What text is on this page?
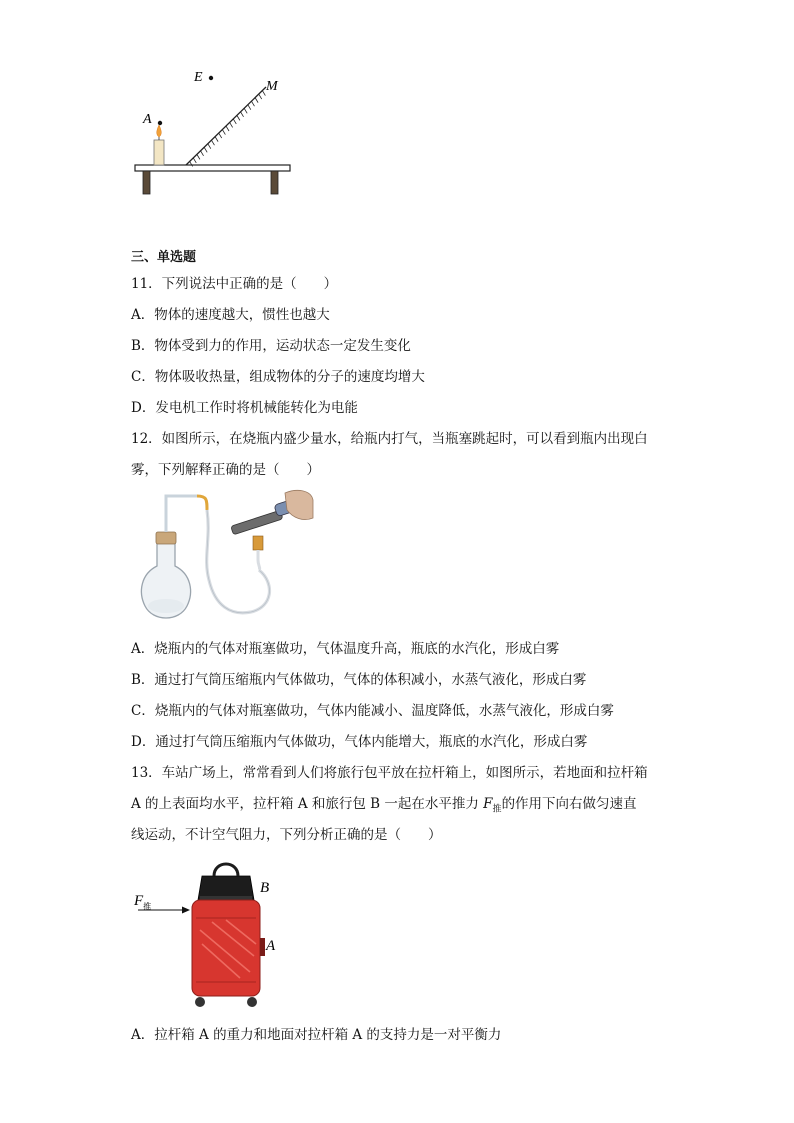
A
E
M
三、单选题
11．下列说法中正确的是（　　）
A．物体的速度越大，惯性也越大
B．物体受到力的作用，运动状态一定发生变化
C．物体吸收热量，组成物体的分子的速度均增大
D．发电机工作时将机械能转化为电能
12．如图所示，在烧瓶内盛少量水，给瓶内打气，当瓶塞跳起时，可以看到瓶内出现白
雾，下列解释正确的是（　　）
A．烧瓶内的气体对瓶塞做功，气体温度升高，瓶底的水汽化，形成白雾
B．通过打气筒压缩瓶内气体做功，气体的体积减小，水蒸气液化，形成白雾
C．烧瓶内的气体对瓶塞做功，气体内能减小、温度降低，水蒸气液化，形成白雾
D．通过打气筒压缩瓶内气体做功，气体内能增大，瓶底的水汽化，形成白雾
13．车站广场上，常常看到人们将旅行包平放在拉杆箱上，如图所示，若地面和拉杆箱
A 的上表面均水平，拉杆箱 A 和旅行包 B 一起在水平推力 $F_推$的作用下向右做匀速直
线运动，不计空气阻力，下列分析正确的是（　　）
$F_推$
B
A
A．拉杆箱 A 的重力和地面对拉杆箱 A 的支持力是一对平衡力
